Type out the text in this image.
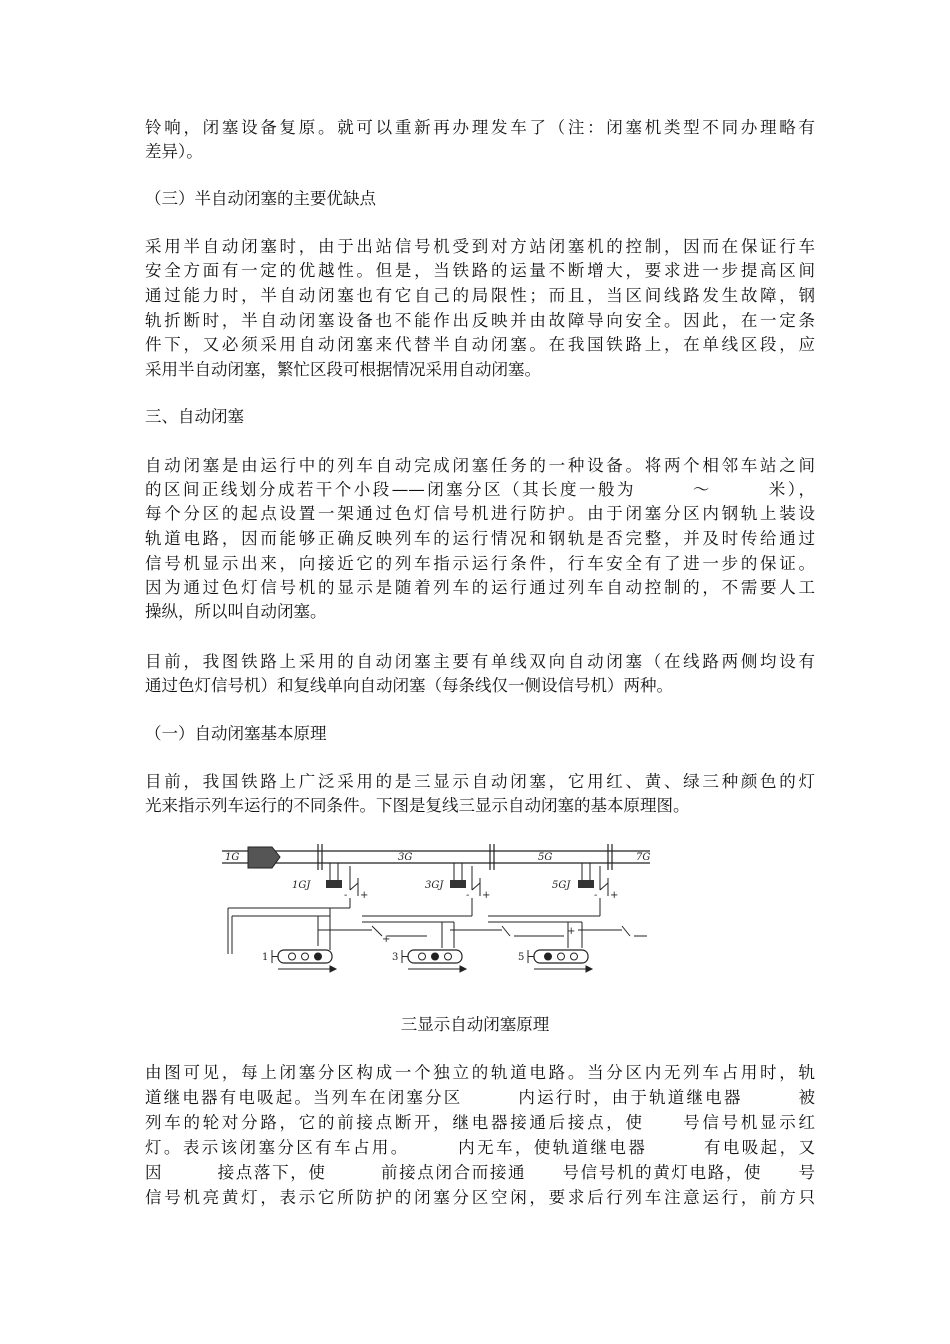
铃响，闭塞设备复原。就可以重新再办理发车了（注：闭塞机类型不同办理略有
差异）。
（三）半自动闭塞的主要优缺点
采用半自动闭塞时，由于出站信号机受到对方站闭塞机的控制，因而在保证行车
安全方面有一定的优越性。但是，当铁路的运量不断增大，要求进一步提高区间
通过能力时，半自动闭塞也有它自己的局限性；而且，当区间线路发生故障，钢
轨折断时，半自动闭塞设备也不能作出反映并由故障导向安全。因此，在一定条
件下，又必须采用自动闭塞来代替半自动闭塞。在我国铁路上，在单线区段，应
采用半自动闭塞，繁忙区段可根据情况采用自动闭塞。
三、自动闭塞
自动闭塞是由运行中的列车自动完成闭塞任务的一种设备。将两个相邻车站之间
的区间正线划分成若干个小段——闭塞分区（其长度一般为　　　～　　　米），
每个分区的起点设置一架通过色灯信号机进行防护。由于闭塞分区内钢轨上装设
轨道电路，因而能够正确反映列车的运行情况和钢轨是否完整，并及时传给通过
信号机显示出来，向接近它的列车指示运行条件，行车安全有了进一步的保证。
因为通过色灯信号机的显示是随着列车的运行通过列车自动控制的，不需要人工
操纵，所以叫自动闭塞。
目前，我图铁路上采用的自动闭塞主要有单线双向自动闭塞（在线路两侧均设有
通过色灯信号机）和复线单向自动闭塞（每条线仅一侧设信号机）两种。
（一）自动闭塞基本原理
目前，我国铁路上广泛采用的是三显示自动闭塞，它用红、黄、绿三种颜色的灯
光来指示列车运行的不同条件。下图是复线三显示自动闭塞的基本原理图。
1G	3G	5G	7G
1GJ	3GJ	5GJ
- +	- +	- +
+
+
1	3	5
三显示自动闭塞原理
由图可见，每上闭塞分区构成一个独立的轨道电路。当分区内无列车占用时，轨
道继电器有电吸起。当列车在闭塞分区　　　内运行时，由于轨道继电器　　　被
列车的轮对分路，它的前接点断开，继电器接通后接点，使　　号信号机显示红
灯。表示该闭塞分区有车占用。　　　内无车，使轨道继电器　　　有电吸起，又
因　　　接点落下，使　　　前接点闭合而接通　　号信号机的黄灯电路，使　　号
信号机亮黄灯，表示它所防护的闭塞分区空闲，要求后行列车注意运行，前方只
